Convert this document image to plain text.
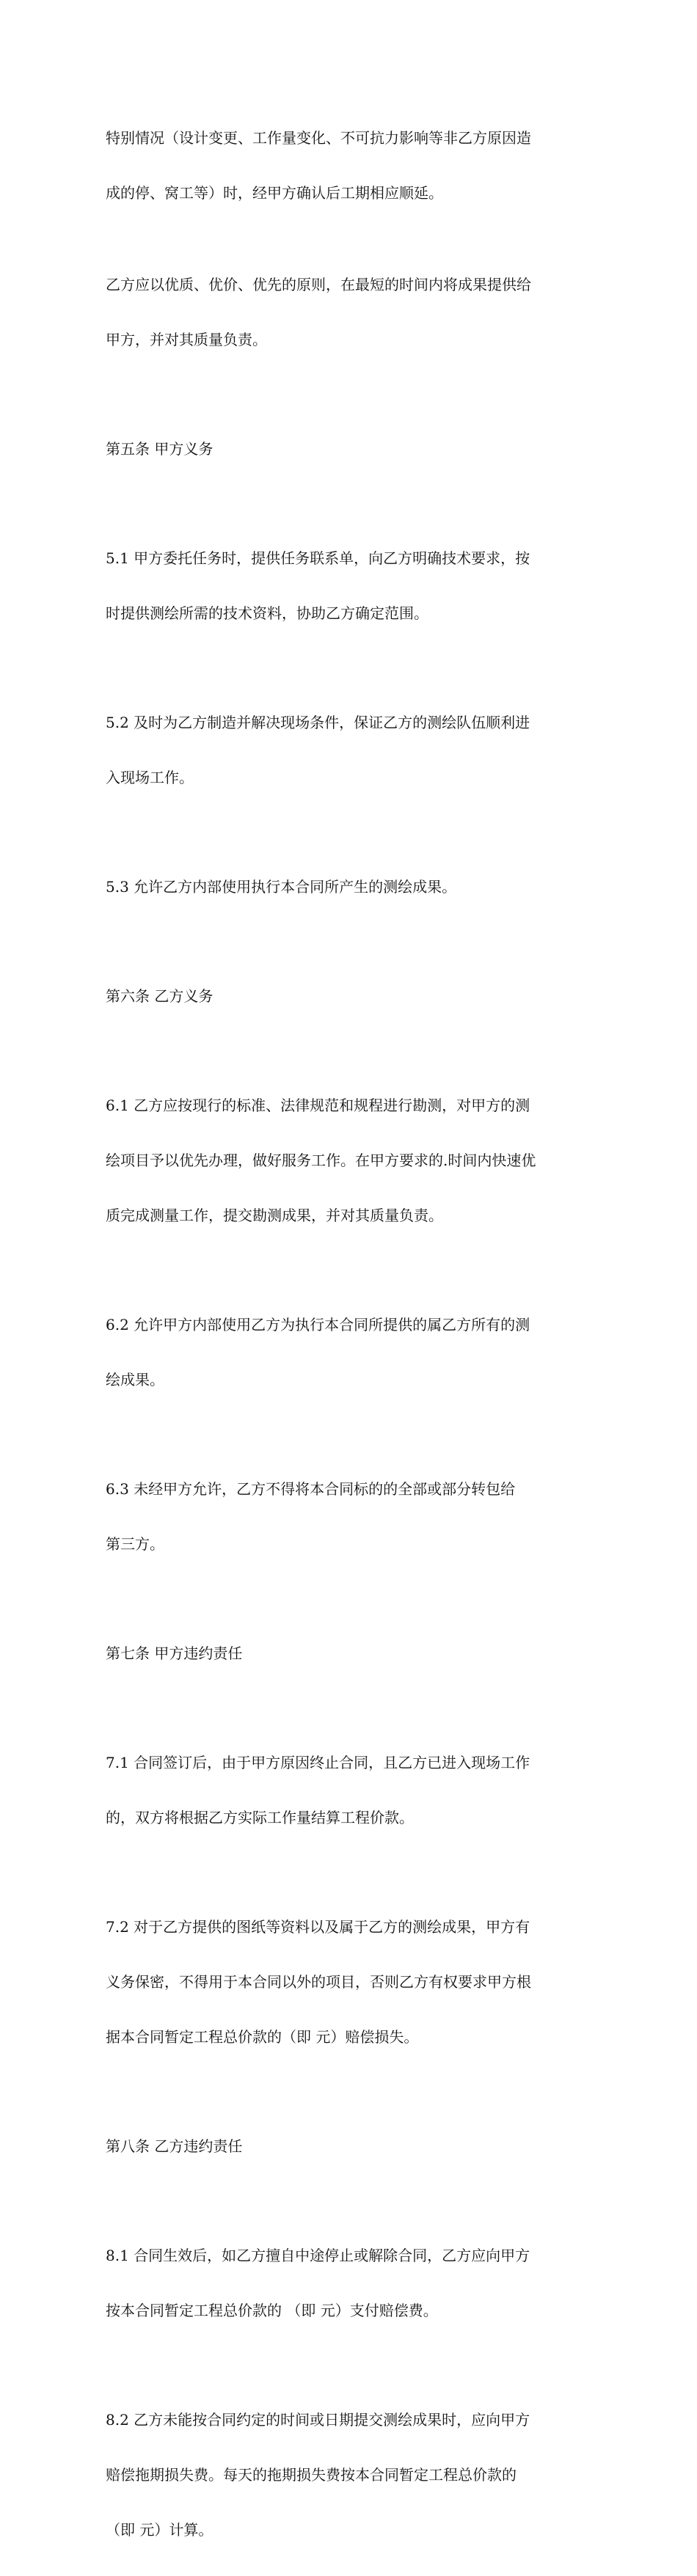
特别情况（设计变更、工作量变化、不可抗力影响等非乙方原因造

成的停、窝工等）时，经甲方确认后工期相应顺延。

乙方应以优质、优价、优先的原则，在最短的时间内将成果提供给

甲方，并对其质量负责。

第五条 甲方义务

5.1 甲方委托任务时，提供任务联系单，向乙方明确技术要求，按

时提供测绘所需的技术资料，协助乙方确定范围。

5.2 及时为乙方制造并解决现场条件，保证乙方的测绘队伍顺利进

入现场工作。

5.3 允许乙方内部使用执行本合同所产生的测绘成果。

第六条 乙方义务

6.1 乙方应按现行的标准、法律规范和规程进行勘测，对甲方的测

绘项目予以优先办理，做好服务工作。在甲方要求的.时间内快速优

质完成测量工作，提交勘测成果，并对其质量负责。

6.2 允许甲方内部使用乙方为执行本合同所提供的属乙方所有的测

绘成果。

6.3 未经甲方允许，乙方不得将本合同标的的全部或部分转包给

第三方。

第七条 甲方违约责任

7.1 合同签订后，由于甲方原因终止合同，且乙方已进入现场工作

的，双方将根据乙方实际工作量结算工程价款。

7.2 对于乙方提供的图纸等资料以及属于乙方的测绘成果，甲方有

义务保密，不得用于本合同以外的项目，否则乙方有权要求甲方根

据本合同暂定工程总价款的（即 元）赔偿损失。

第八条 乙方违约责任

8.1 合同生效后，如乙方擅自中途停止或解除合同，乙方应向甲方

按本合同暂定工程总价款的 （即 元）支付赔偿费。

8.2 乙方未能按合同约定的时间或日期提交测绘成果时，应向甲方

赔偿拖期损失费。每天的拖期损失费按本合同暂定工程总价款的

（即 元）计算。
